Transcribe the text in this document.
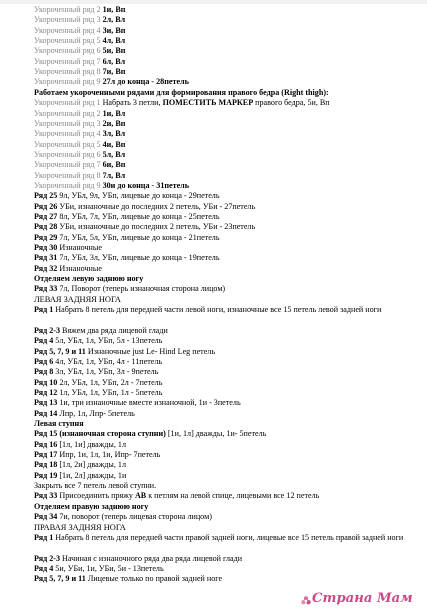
Укороченный ряд 2 1и, Вп
Укороченный ряд 3 2л, Вл
Укороченный ряд 4 3и, Вп
Укороченный ряд 5 4л, Вл
Укороченный ряд 6 5и, Вп
Укороченный ряд 7 6л, Вл
Укороченный ряд 8 7и, Вп
Укороченный ряд 9 27л до конца - 28петель
Работаем укороченными рядами для формирования правого бедра (Right thigh):
Укороченный ряд 1 Набрать 3 петли, ПОМЕСТИТЬ МАРКЕР правого бедра, 5и, Вп
Укороченный ряд 2 1и, Вл
Укороченный ряд 3 2и, Вп
Укороченный ряд 4 3л, Вл
Укороченный ряд 5 4и, Вп
Укороченный ряд 6 5л, Вл
Укороченный ряд 7 6и, Вп
Укороченный ряд 8 7л, Вл
Укороченный ряд 9 30и до конца - 31петель
Ряд 25 9л, УБл, 9л, УБп, лицевые до конца - 29петель
Ряд 26 УБи, изнаночные до последних 2 петель, УБи - 27петель
Ряд 27 8л, УБл, 7л, УБп, лицевые до конца - 25петель
Ряд 28 УБи, изнаночные до последних 2 петель, УБи - 23петель
Ряд 29 7л, УБл, 5л, УБп, лицевые до конца - 21петель
Ряд 30 Изнаночные
Ряд 31 7л, УБл, 3л, УБп, лицевые до конца - 19петель
Ряд 32 Изнаночные
Отделяем левую заднюю ногу
Ряд 33 7л, Поворот (теперь изнаночная сторона лицом)
ЛЕВАЯ ЗАДНЯЯ НОГА
Ряд 1 Набрать 8 петель для передней части левой ноги, изнаночные все 15 петель левой задней ноги
Ряд 2-3 Вяжем два ряда лицевой глади
Ряд 4 5л, УБл, 1л, УБп, 5л - 13петель
Ряд 5, 7, 9 и 11 Изнаночные just Le- Hind Leg петель
Ряд 6 4л, УБл, 1л, УБп, 4л - 11петель
Ряд 8 3л, УБл, 1л, УБп, 3л - 9петель
Ряд 10 2л, УБл, 1л, УБп, 2л - 7петель
Ряд 12 1л, УБл, 1л, УБп, 1л - 5петель
Ряд 13 1и, три изнаночные вместе изнаночной, 1и - 3петель
Ряд 14 Лпр, 1л, Лпр- 5петель
Левая ступня
Ряд 15 (изнаночная сторона ступни) [1и, 1л] дважды, 1и- 5петель
Ряд 16 [1л, 1и] дважды, 1л
Ряд 17 Ипр, 1и, 1л, 1и, Ипр- 7петель
Ряд 18 [1л, 2и] дважды, 1л
Ряд 19 [1и, 2л] дважды, 1и
Закрыть все 7 петель левой ступни.
Ряд 33 Присоединить пряжу AB к петлям на левой спице, лицевыми все 12 петель
Отделяем правую заднюю ногу
Ряд 34 7и, поворот (теперь лицевая сторона лицом)
ПРАВАЯ ЗАДНЯЯ НОГА
Ряд 1 Набрать 8 петель для передней части правой задней ноги, лицевые все 15 петель правой задней ноги
Ряд 2-3 Начиная с изнаночного ряда два ряда лицевой глади
Ряд 4 5и, УБи, 1и, УБи, 5и - 13петель
Ряд 5, 7, 9 и 11 Лицевые только по правой задней ноге
Страна Мам
